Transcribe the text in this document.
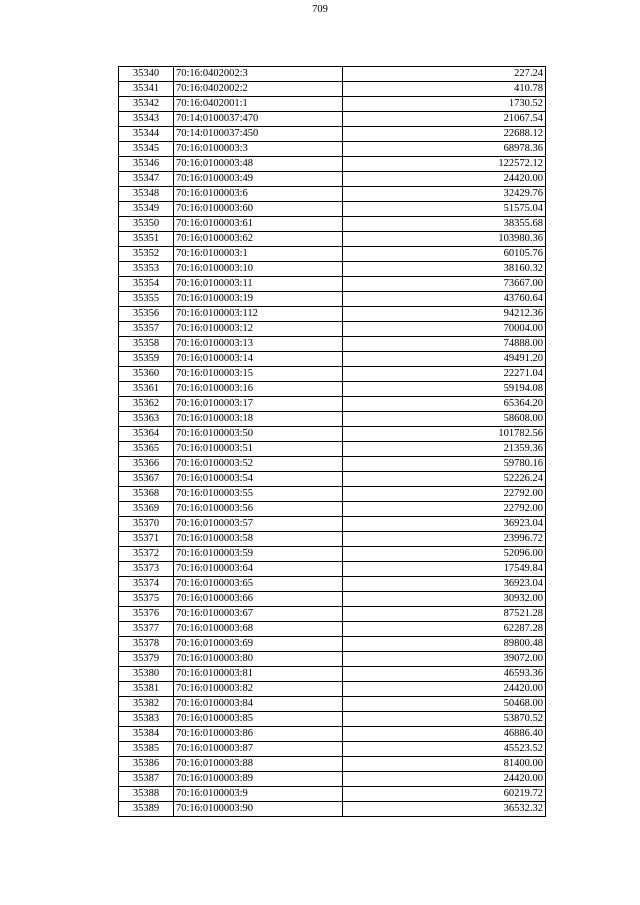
709
35340	70:16:0402002:3	227.24
35341	70:16:0402002:2	410.78
35342	70:16:0402001:1	1730.52
35343	70:14:0100037:470	21067.54
35344	70:14:0100037:450	22688.12
35345	70:16:0100003:3	68978.36
35346	70:16:0100003:48	122572.12
35347	70:16:0100003:49	24420.00
35348	70:16:0100003:6	32429.76
35349	70:16:0100003:60	51575.04
35350	70:16:0100003:61	38355.68
35351	70:16:0100003:62	103980.36
35352	70:16:0100003:1	60105.76
35353	70:16:0100003:10	38160.32
35354	70:16:0100003:11	73667.00
35355	70:16:0100003:19	43760.64
35356	70:16:0100003:112	94212.36
35357	70:16:0100003:12	70004.00
35358	70:16:0100003:13	74888.00
35359	70:16:0100003:14	49491.20
35360	70:16:0100003:15	22271.04
35361	70:16:0100003:16	59194.08
35362	70:16:0100003:17	65364.20
35363	70:16:0100003:18	58608.00
35364	70:16:0100003:50	101782.56
35365	70:16:0100003:51	21359.36
35366	70:16:0100003:52	59780.16
35367	70:16:0100003:54	52226.24
35368	70:16:0100003:55	22792.00
35369	70:16:0100003:56	22792.00
35370	70:16:0100003:57	36923.04
35371	70:16:0100003:58	23996.72
35372	70:16:0100003:59	52096.00
35373	70:16:0100003:64	17549.84
35374	70:16:0100003:65	36923.04
35375	70:16:0100003:66	30932.00
35376	70:16:0100003:67	87521.28
35377	70:16:0100003:68	62287.28
35378	70:16:0100003:69	89800.48
35379	70:16:0100003:80	39072.00
35380	70:16:0100003:81	46593.36
35381	70:16:0100003:82	24420.00
35382	70:16:0100003:84	50468.00
35383	70:16:0100003:85	53870.52
35384	70:16:0100003:86	46886.40
35385	70:16:0100003:87	45523.52
35386	70:16:0100003:88	81400.00
35387	70:16:0100003:89	24420.00
35388	70:16:0100003:9	60219.72
35389	70:16:0100003:90	36532.32
